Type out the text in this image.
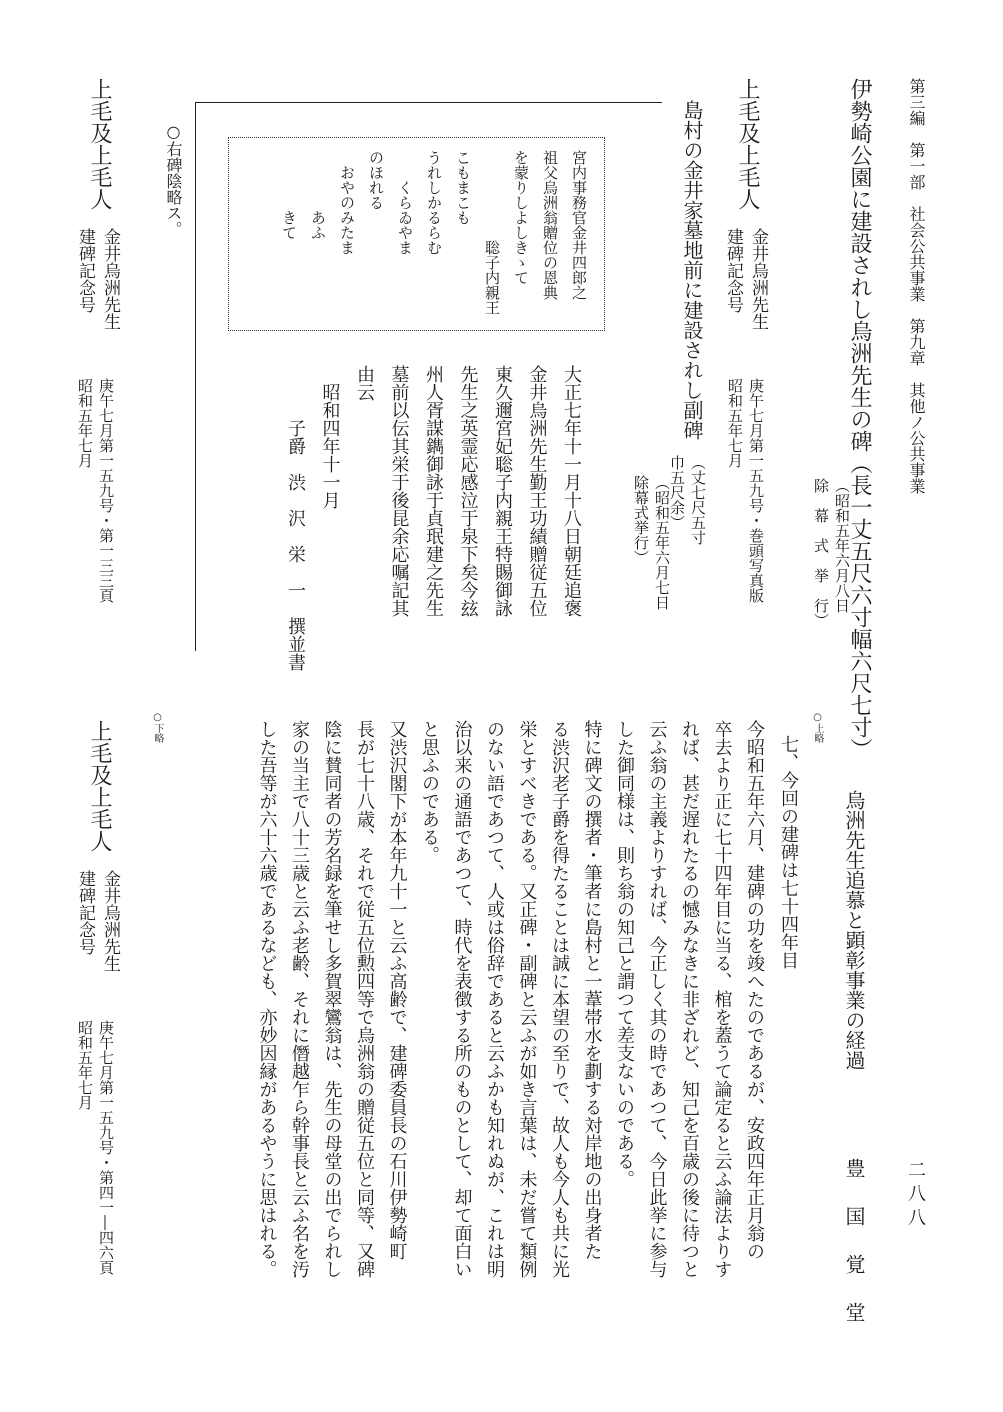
第三編　第一部　社会公共事業　第九章　其他ノ公共事業
二八八
伊勢崎公園に建設されし烏洲先生の碑（長一丈五尺六寸幅六尺七寸）
（昭和五年六月八日
除　幕　式　挙　行）
上毛及上毛人
金井烏洲先生
建碑記念号
庚午七月第一五九号・巻頭写真版
昭和五年七月
島村の金井家墓地前に建設されし副碑
（丈七尺五寸
巾五尺余）
（昭和五年六月七日
除幕式挙行）
宮内事務官金井四郎之
祖父烏洲翁贈位の恩典
を蒙りしよしきゝて
　　　　　　聡子内親王
こもまこも
うれしかるらむ
　　くらゐやま
のほれる
　おやのみたま
　　　　あふ
　　　　きて
大正七年十一月十八日朝廷追褒
金井烏洲先生勤王功績贈従五位
東久邇宮妃聡子内親王特賜御詠
先生之英霊応感泣于泉下矣今玆
州人胥謀鐫御詠于貞珉建之先生
墓前以伝其栄于後昆余応嘱記其
由云
　昭和四年十一月
　　　子爵　渋　沢　栄　一　撰並書
○右碑陰略ス。
上毛及上毛人
金井烏洲先生
建碑記念号
庚午七月第一五九号・第一三三頁
昭和五年七月
○上略
烏洲先生追慕と顕彰事業の経過
豊　国　覚　堂
七、今回の建碑は七十四年目
今昭和五年六月、建碑の功を竣へたのであるが、安政四年正月翁の
卒去より正に七十四年目に当る、棺を蓋うて論定ると云ふ論法よりす
れば、甚だ遅れたるの憾みなきに非ざれど、知己を百歳の後に待つと
云ふ翁の主義よりすれば、今正しく其の時であつて、今日此挙に参与
した御同様は、則ち翁の知己と謂つて差支ないのである。
特に碑文の撰者・筆者に島村と一葦帯水を劃する対岸地の出身者た
る渋沢老子爵を得たることは誠に本望の至りで、故人も今人も共に光
栄とすべきである。又正碑・副碑と云ふが如き言葉は、未だ嘗て類例
のない語であつて、人或は俗辞であると云ふかも知れぬが、これは明
治以来の通語であつて、時代を表徴する所のものとして、却て面白い
と思ふのである。
又渋沢閣下が本年九十一と云ふ高齢で、建碑委員長の石川伊勢崎町
長が七十八歳、それで従五位勲四等で烏洲翁の贈従五位と同等、又碑
陰に賛同者の芳名録を筆せし多賀翠鸞翁は、先生の母堂の出でられし
家の当主で八十三歳と云ふ老齢、それに僭越乍ら幹事長と云ふ名を汚
した吾等が六十六歳であるなども、亦妙因縁があるやうに思はれる。
○下略
上毛及上毛人
金井烏洲先生
建碑記念号
庚午七月第一五九号・第四一―四六頁
昭和五年七月
